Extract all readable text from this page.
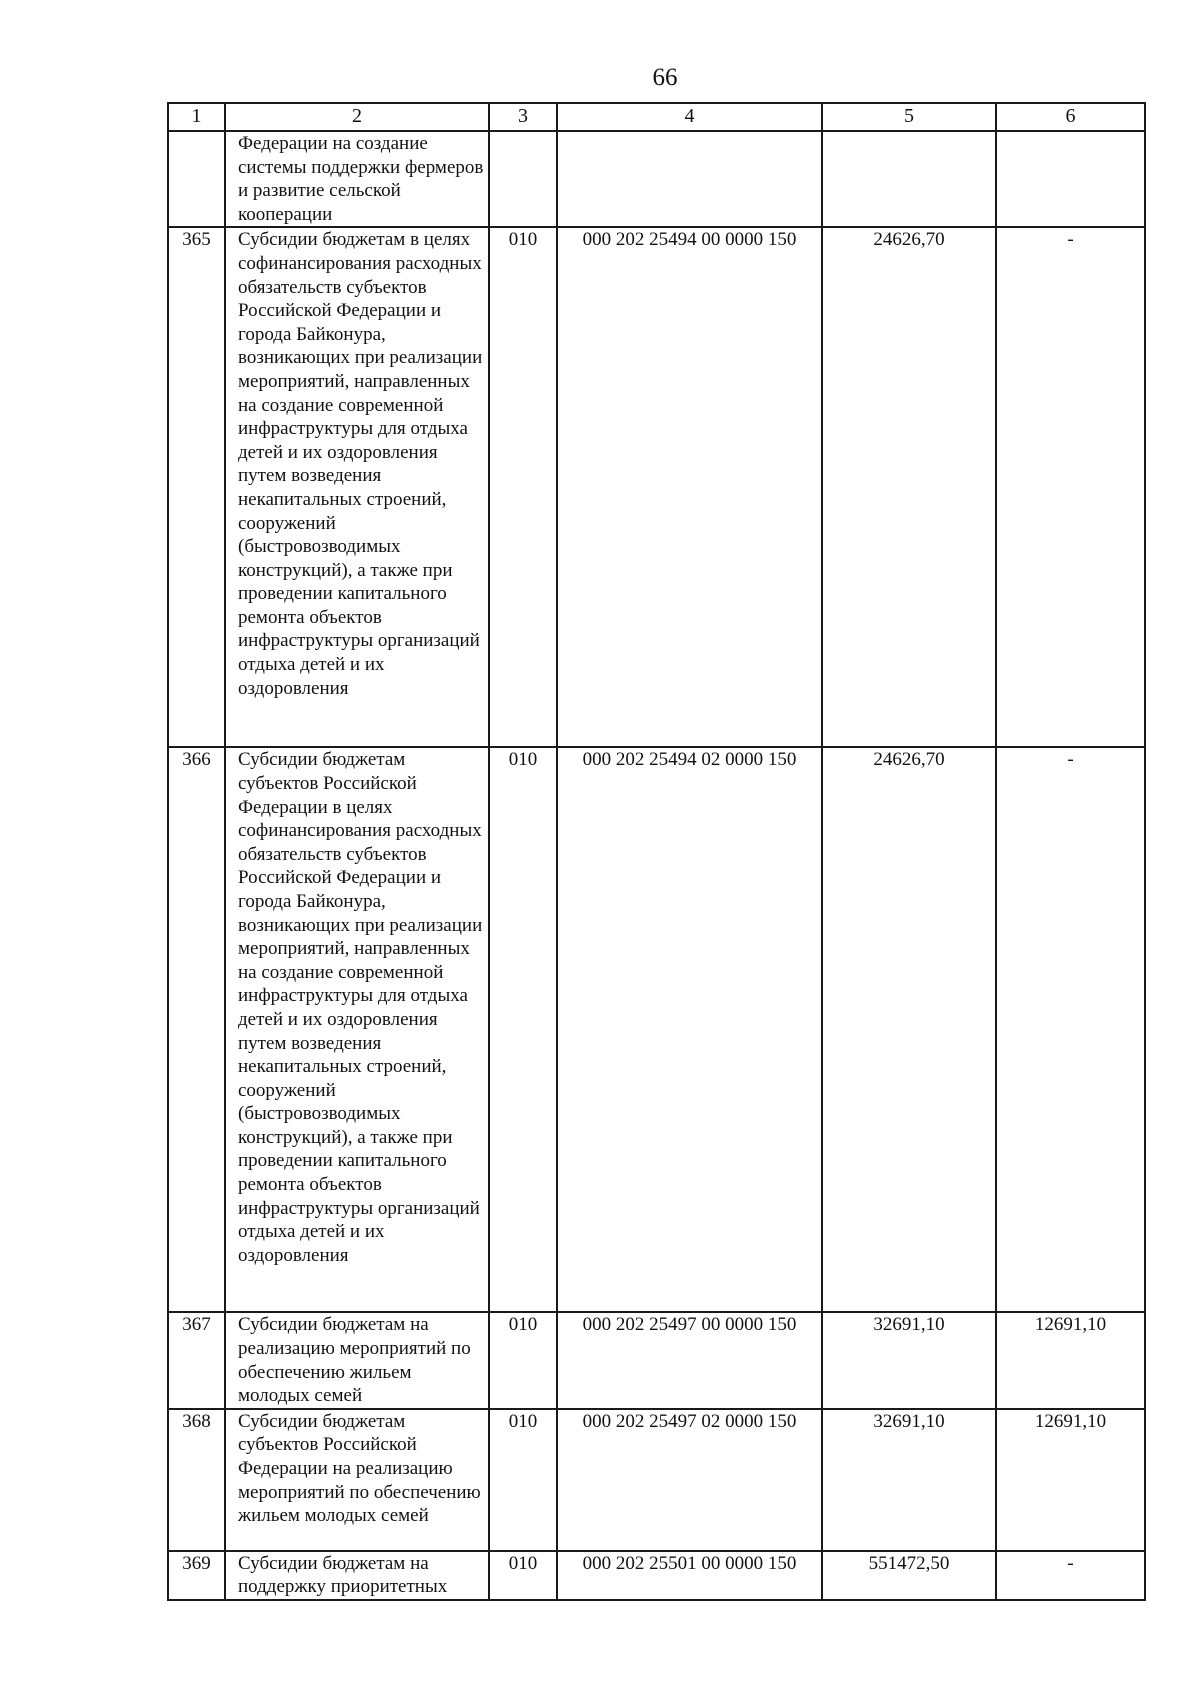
66
1	2	3	4	5	6
	Федерации на создание системы поддержки фермеров и развитие сельской кооперации				
365	Субсидии бюджетам в целях софинансирования расходных обязательств субъектов Российской Федерации и города Байконура, возникающих при реализации мероприятий, направленных на создание современной инфраструктуры для отдыха детей и их оздоровления путем возведения некапитальных строений, сооружений (быстровозводимых конструкций), а также при проведении капитального ремонта объектов инфраструктуры организаций отдыха детей и их оздоровления	010	000 202 25494 00 0000 150	24626,70	-
366	Субсидии бюджетам субъектов Российской Федерации в целях софинансирования расходных обязательств субъектов Российской Федерации и города Байконура, возникающих при реализации мероприятий, направленных на создание современной инфраструктуры для отдыха детей и их оздоровления путем возведения некапитальных строений, сооружений (быстровозводимых конструкций), а также при проведении капитального ремонта объектов инфраструктуры организаций отдыха детей и их оздоровления	010	000 202 25494 02 0000 150	24626,70	-
367	Субсидии бюджетам на реализацию мероприятий по обеспечению жильем молодых семей	010	000 202 25497 00 0000 150	32691,10	12691,10
368	Субсидии бюджетам субъектов Российской Федерации на реализацию мероприятий по обеспечению жильем молодых семей	010	000 202 25497 02 0000 150	32691,10	12691,10
369	Субсидии бюджетам на поддержку приоритетных	010	000 202 25501 00 0000 150	551472,50	-
